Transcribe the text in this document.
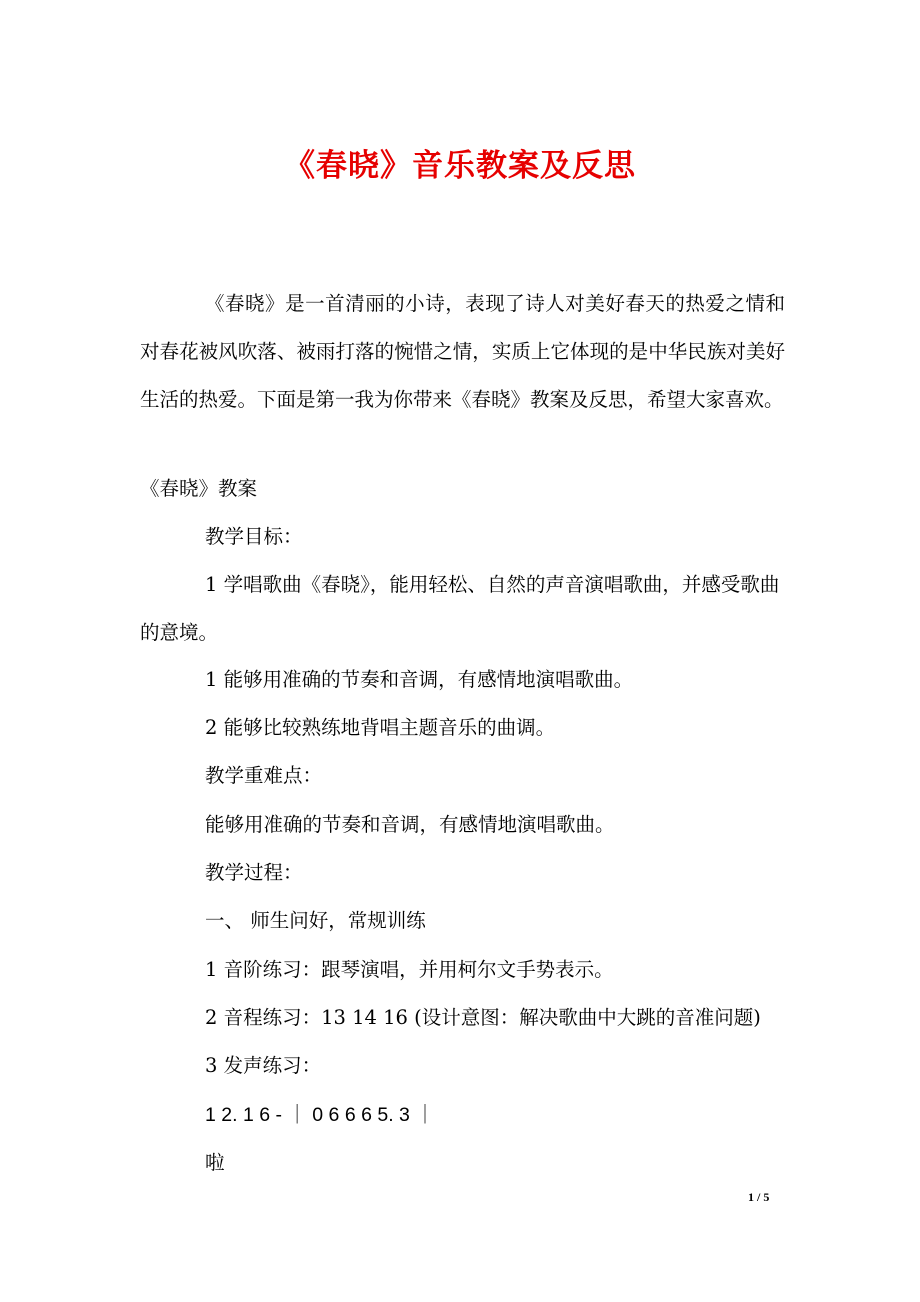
《春晓》音乐教案及反思
《春晓》是一首清丽的小诗，表现了诗人对美好春天的热爱之情和对春花被风吹落、被雨打落的惋惜之情，实质上它体现的是中华民族对美好生活的热爱。下面是第一我为你带来《春晓》教案及反思，希望大家喜欢。
《春晓》教案
教学目标：
1 学唱歌曲《春晓》，能用轻松、自然的声音演唱歌曲，并感受歌曲的意境。
1 能够用准确的节奏和音调，有感情地演唱歌曲。
2 能够比较熟练地背唱主题音乐的曲调。
教学重难点：
能够用准确的节奏和音调，有感情地演唱歌曲。
教学过程：
一、 师生问好，常规训练
1 音阶练习：跟琴演唱，并用柯尔文手势表示。
2 音程练习：13 14 16 (设计意图：解决歌曲中大跳的音准问题)
3 发声练习：
1 2. 1 6 - ｜ 0 6 6 6 5. 3 ｜
啦
1 / 5
